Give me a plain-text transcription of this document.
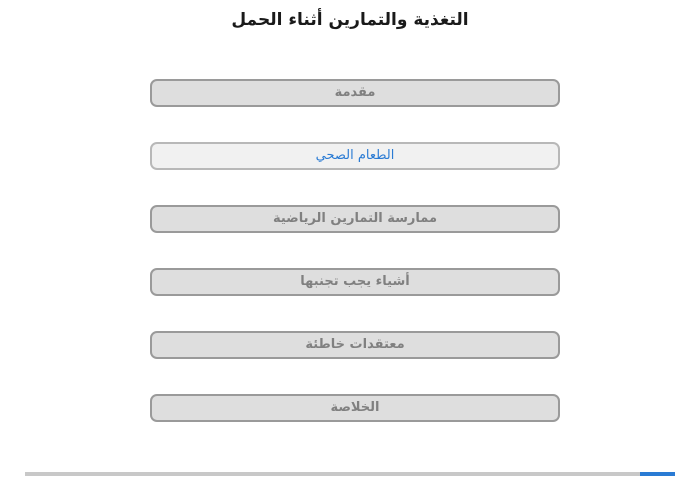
التغذية والتمارين أثناء الحمل
مقدمة
الطعام الصحي
ممارسة التمارين الرياضية
أشياء يجب تجنبها
معتقدات خاطئة
الخلاصة
